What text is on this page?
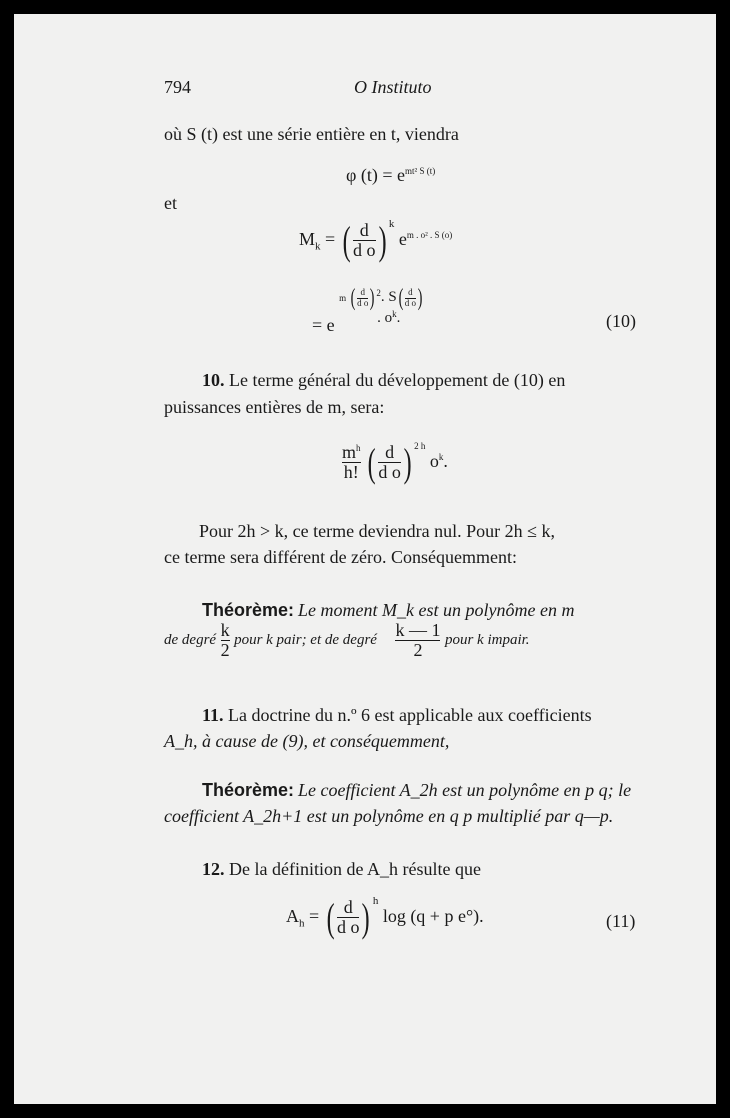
794	O Instituto
où S (t) est une série entière en t, viendra
φ $(t) = e^{mt^2 S (t)}$
et
$M_k$ = ( $\frac{d}{\text{d o}}$ ) $^k$ $e^{m . o^2 . S (o)}$
= e m ( $\frac{d}{\text{d o}}$ ) $^2$. $S( \frac{d}{\text{d o}}$ )
. $o^k$.	(10)
10. Le terme général du développement de (10) en
puissances entières de m, sera:
$\frac{m^h}{h!}$ ( $\frac{d}{\text{d o}}$ ) $^{2 h}$ $o^k$.
Pour 2h > k, ce terme deviendra nul. Pour 2h ≤ k,
ce terme sera différent de zéro. Conséquemment:
Théorème: Le moment M_k est un polynôme en m
de degré $\frac{k}{2}$ pour k pair; et de degré $\frac{k — 1}{2}$ pour k impair.
11. La doctrine du n.º 6 est applicable aux coefficients
A_h, à cause de (9), et conséquemment,
Théorème: Le coefficient A_2h est un polynôme en p q; le
coefficient A_2h+1 est un polynôme en q p multiplié par q—p.
12. De la définition de A_h résulte que
$A_h$ = ( $\frac{d}{\text{d o}}$ ) $^h$ log (q + p e°).	(11)
